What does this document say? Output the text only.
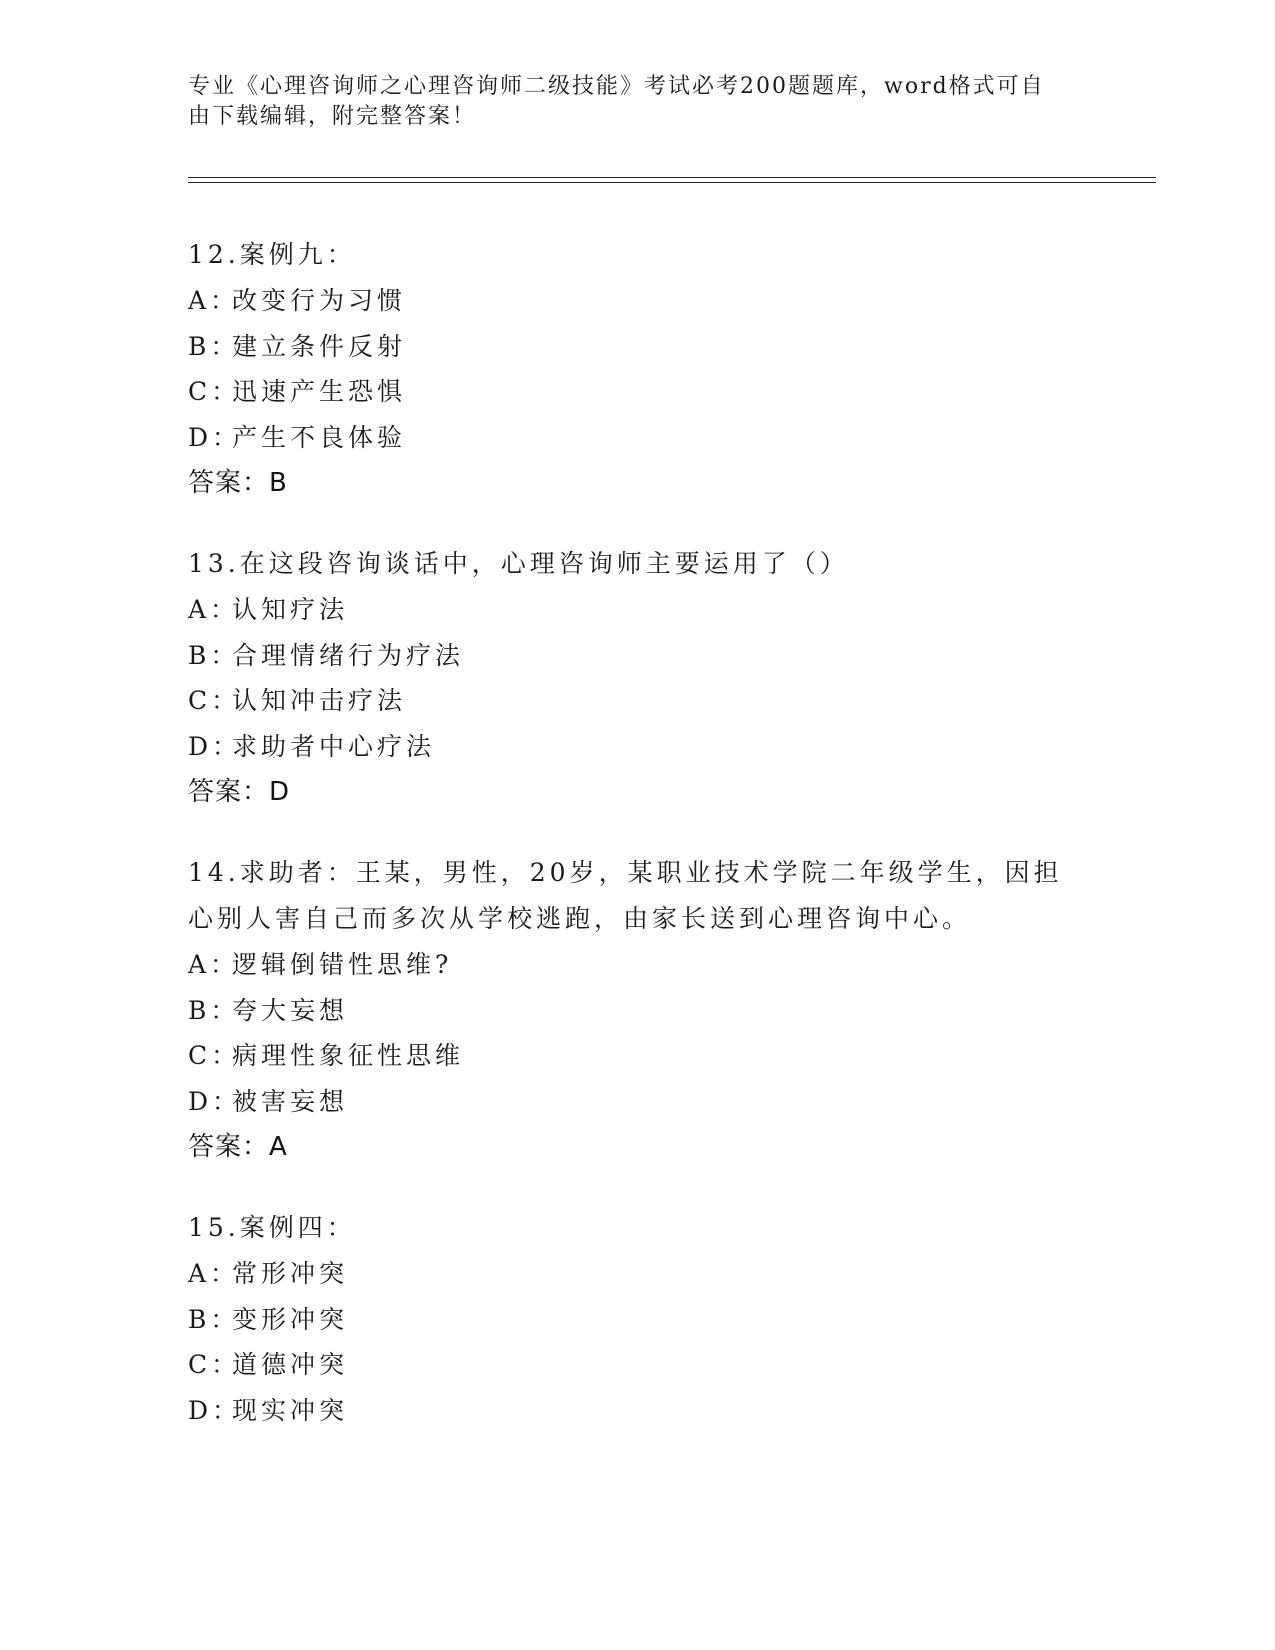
专业《心理咨询师之心理咨询师二级技能》考试必考200题题库，word格式可自由下载编辑，附完整答案！
12.案例九：
A：改变行为习惯
B：建立条件反射
C：迅速产生恐惧
D：产生不良体验
答案：B
13.在这段咨询谈话中，心理咨询师主要运用了（）
A：认知疗法
B：合理情绪行为疗法
C：认知冲击疗法
D：求助者中心疗法
答案：D
14.求助者：王某，男性，20岁，某职业技术学院二年级学生，因担心别人害自己而多次从学校逃跑，由家长送到心理咨询中心。
A：逻辑倒错性思维?
B：夸大妄想
C：病理性象征性思维
D：被害妄想
答案：A
15.案例四：
A：常形冲突
B：变形冲突
C：道德冲突
D：现实冲突
